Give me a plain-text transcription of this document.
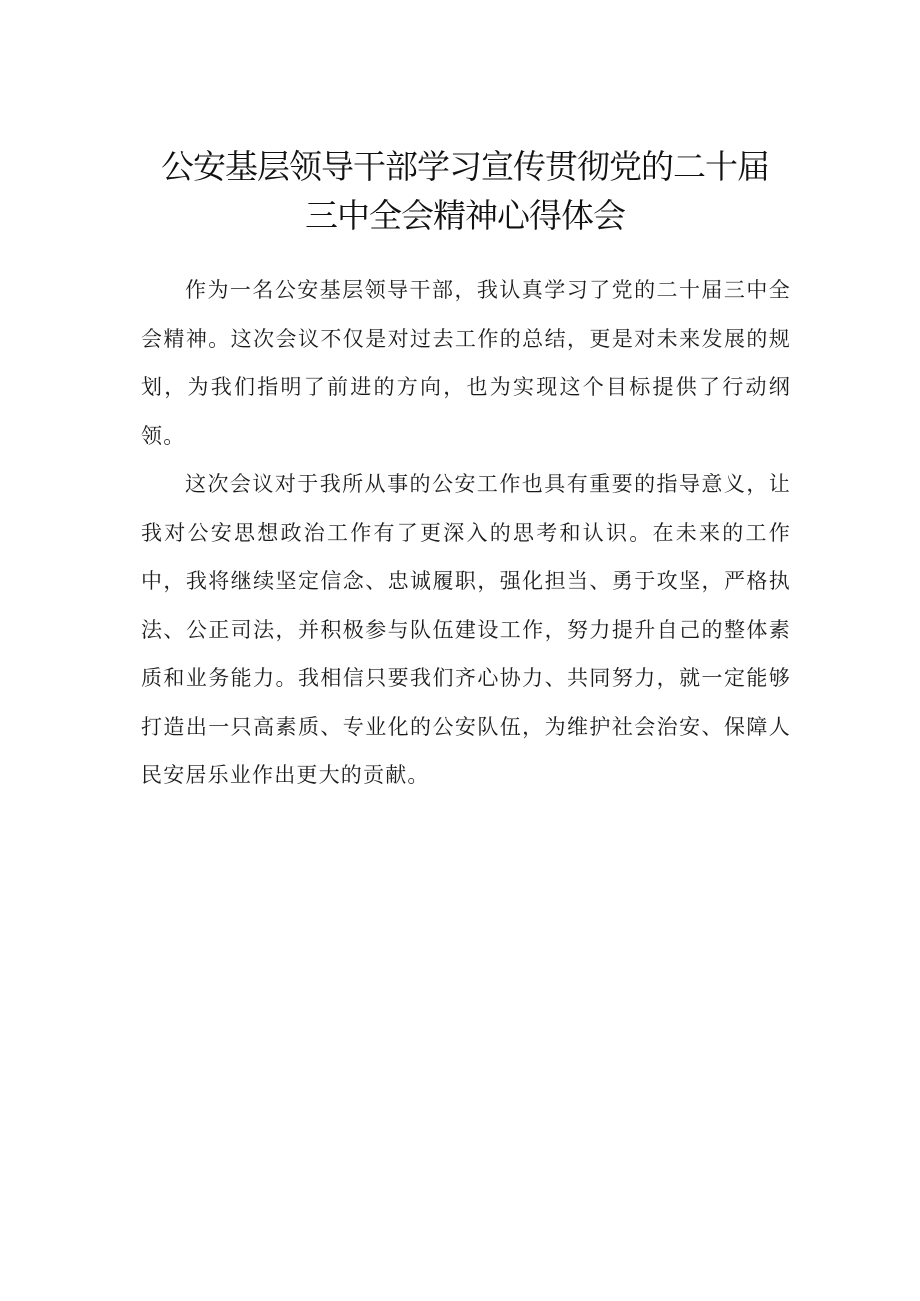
公安基层领导干部学习宣传贯彻党的二十届
三中全会精神心得体会

作为一名公安基层领导干部，我认真学习了党的二十届三中全会精神。这次会议不仅是对过去工作的总结，更是对未来发展的规划，为我们指明了前进的方向，也为实现这个目标提供了行动纲领。

这次会议对于我所从事的公安工作也具有重要的指导意义，让我对公安思想政治工作有了更深入的思考和认识。在未来的工作中，我将继续坚定信念、忠诚履职，强化担当、勇于攻坚，严格执法、公正司法，并积极参与队伍建设工作，努力提升自己的整体素质和业务能力。我相信只要我们齐心协力、共同努力，就一定能够打造出一只高素质、专业化的公安队伍，为维护社会治安、保障人民安居乐业作出更大的贡献。
